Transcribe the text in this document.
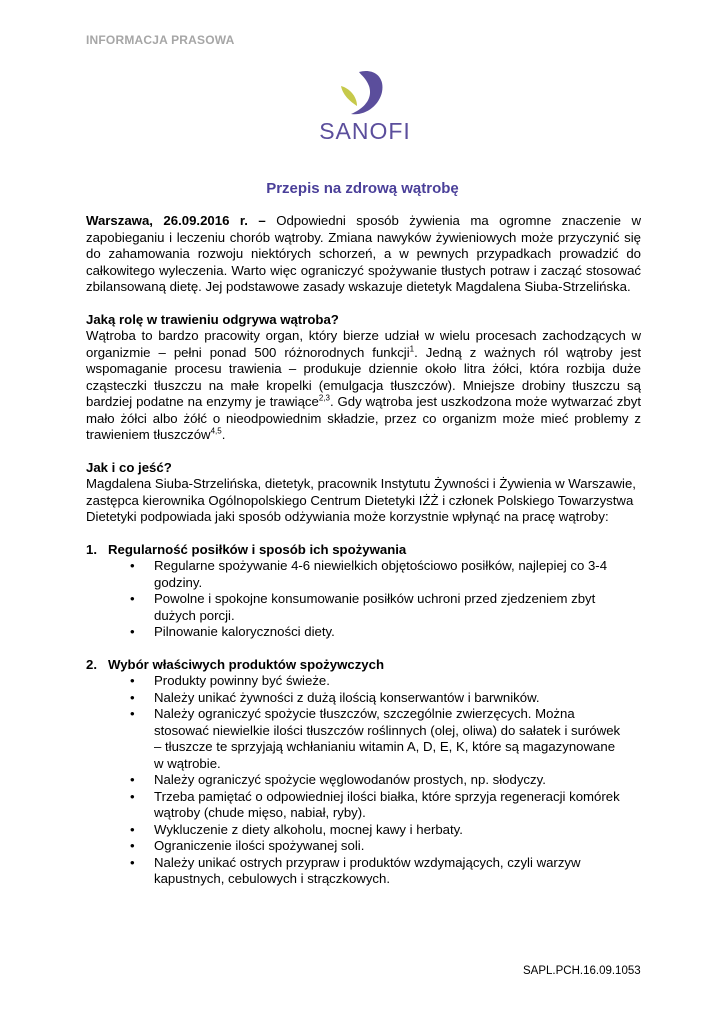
INFORMACJA PRASOWA
SANOFI
Przepis na zdrową wątrobę

Warszawa, 26.09.2016 r. – Odpowiedni sposób żywienia ma ogromne znaczenie w zapobieganiu i leczeniu chorób wątroby. Zmiana nawyków żywieniowych może przyczynić się do zahamowania rozwoju niektórych schorzeń, a w pewnych przypadkach prowadzić do całkowitego wyleczenia. Warto więc ograniczyć spożywanie tłustych potraw i zacząć stosować zbilansowaną dietę. Jej podstawowe zasady wskazuje dietetyk Magdalena Siuba-Strzelińska.

Jaką rolę w trawieniu odgrywa wątroba?

Wątroba to bardzo pracowity organ, który bierze udział w wielu procesach zachodzących w organizmie – pełni ponad 500 różnorodnych funkcji$^1$. Jedną z ważnych ról wątroby jest wspomaganie procesu trawienia – produkuje dziennie około litra żółci, która rozbija duże cząsteczki tłuszczu na małe kropelki (emulgacja tłuszczów). Mniejsze drobiny tłuszczu są bardziej podatne na enzymy je trawiące$^{2,3}$. Gdy wątroba jest uszkodzona może wytwarzać zbyt mało żółci albo żółć o nieodpowiednim składzie, przez co organizm może mieć problemy z trawieniem tłuszczów$^{4,5}$.

Jak i co jeść?

Magdalena Siuba-Strzelińska, dietetyk, pracownik Instytutu Żywności i Żywienia w Warszawie, zastępca kierownika Ogólnopolskiego Centrum Dietetyki IŻŻ i członek Polskiego Towarzystwa Dietetyki podpowiada jaki sposób odżywiania może korzystnie wpłynąć na pracę wątroby:

1. Regularność posiłków i sposób ich spożywania

• Regularne spożywanie 4-6 niewielkich objętościowo posiłków, najlepiej co 3-4 godziny.
• Powolne i spokojne konsumowanie posiłków uchroni przed zjedzeniem zbyt dużych porcji.
• Pilnowanie kaloryczności diety.

2. Wybór właściwych produktów spożywczych

• Produkty powinny być świeże.
• Należy unikać żywności z dużą ilością konserwantów i barwników.
• Należy ograniczyć spożycie tłuszczów, szczególnie zwierzęcych. Można stosować niewielkie ilości tłuszczów roślinnych (olej, oliwa) do sałatek i surówek – tłuszcze te sprzyjają wchłanianiu witamin A, D, E, K, które są magazynowane w wątrobie.
• Należy ograniczyć spożycie węglowodanów prostych, np. słodyczy.
• Trzeba pamiętać o odpowiedniej ilości białka, które sprzyja regeneracji komórek wątroby (chude mięso, nabiał, ryby).
• Wykluczenie z diety alkoholu, mocnej kawy i herbaty.
• Ograniczenie ilości spożywanej soli.
• Należy unikać ostrych przypraw i produktów wzdymających, czyli warzyw kapustnych, cebulowych i strączkowych.
SAPL.PCH.16.09.1053
